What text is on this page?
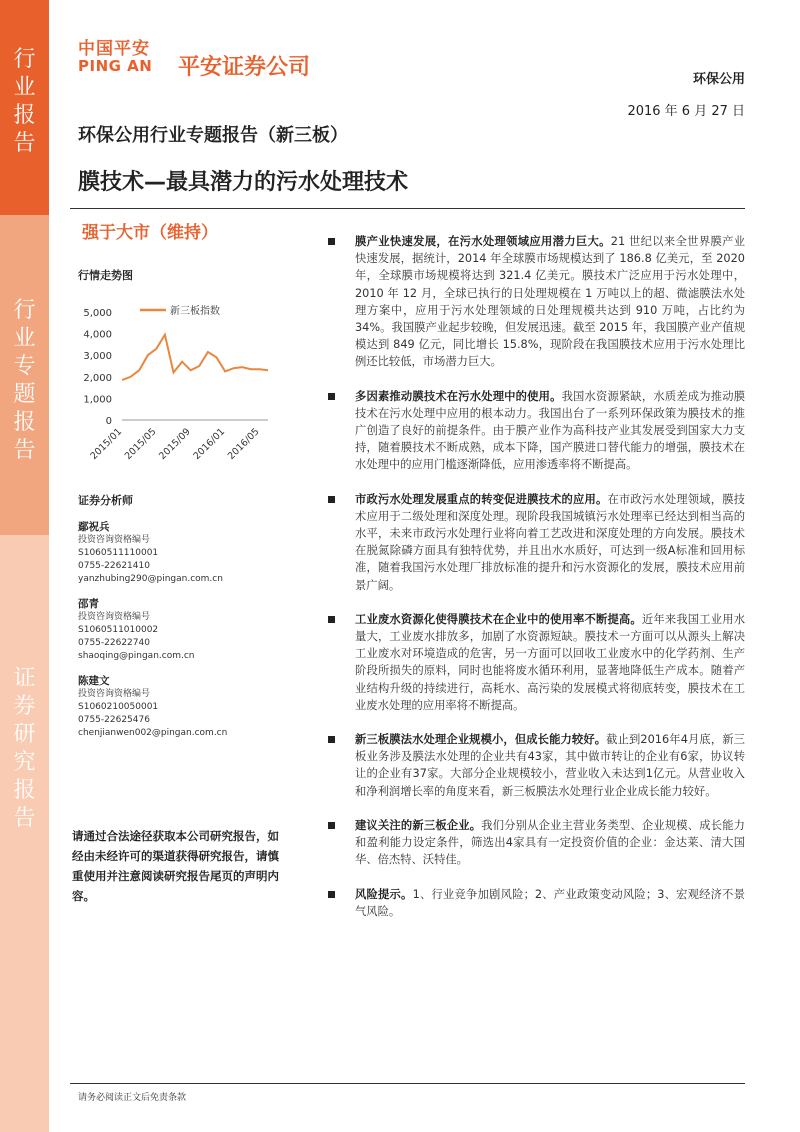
行业报告
行业专题报告
证券研究报告
中国平安
PING AN 平安证券公司	环保公用
2016 年 6 月 27 日
环保公用行业专题报告（新三板）
膜技术—最具潜力的污水处理技术
强于大市（维持）
行情走势图
0
1,000
2,000
3,000
4,000
5,000
2015/01
2015/05
2015/09
2016/01
2016/05
新三板指数
证券分析师
鄢祝兵
投资咨询资格编号
S1060511110001
0755-22621410
yanzhubing290@pingan.com.cn
邵青
投资咨询资格编号
S1060511010002
0755-22622740
shaoqing@pingan.com.cn
陈建文
投资咨询资格编号
S1060210050001
0755-22625476
chenjianwen002@pingan.com.cn
请通过合法途径获取本公司研究报告，如经由未经许可的渠道获得研究报告，请慎重使用并注意阅读研究报告尾页的声明内容。
膜产业快速发展，在污水处理领域应用潜力巨大。21 世纪以来全世界膜产业快速发展，据统计，2014 年全球膜市场规模达到了 186.8 亿美元，至 2020 年，全球膜市场规模将达到 321.4 亿美元。膜技术广泛应用于污水处理中，2010 年 12 月，全球已执行的日处理规模在 1 万吨以上的超、微滤膜法水处理方案中，应用于污水处理领域的日处理规模共达到 910 万吨，占比约为 34%。我国膜产业起步较晚，但发展迅速。截至 2015 年，我国膜产业产值规模达到 849 亿元，同比增长 15.8%，现阶段在我国膜技术应用于污水处理比例还比较低，市场潜力巨大。
多因素推动膜技术在污水处理中的使用。我国水资源紧缺，水质差成为推动膜技术在污水处理中应用的根本动力。我国出台了一系列环保政策为膜技术的推广创造了良好的前提条件。由于膜产业作为高科技产业其发展受到国家大力支持，随着膜技术不断成熟，成本下降，国产膜进口替代能力的增强，膜技术在水处理中的应用门槛逐渐降低，应用渗透率将不断提高。
市政污水处理发展重点的转变促进膜技术的应用。在市政污水处理领域，膜技术应用于二级处理和深度处理。现阶段我国城镇污水处理率已经达到相当高的水平，未来市政污水处理行业将向着工艺改进和深度处理的方向发展。膜技术在脱氮除磷方面具有独特优势，并且出水水质好，可达到一级A标准和回用标准，随着我国污水处理厂排放标准的提升和污水资源化的发展，膜技术应用前景广阔。
工业废水资源化使得膜技术在企业中的使用率不断提高。近年来我国工业用水量大，工业废水排放多，加剧了水资源短缺。膜技术一方面可以从源头上解决工业废水对环境造成的危害，另一方面可以回收工业废水中的化学药剂、生产阶段所损失的原料，同时也能将废水循环利用，显著地降低生产成本。随着产业结构升级的持续进行，高耗水、高污染的发展模式将彻底转变，膜技术在工业废水处理的应用率将不断提高。
新三板膜法水处理企业规模小，但成长能力较好。截止到2016年4月底，新三板业务涉及膜法水处理的企业共有43家，其中做市转让的企业有6家，协议转让的企业有37家。大部分企业规模较小，营业收入未达到1亿元。从营业收入和净利润增长率的角度来看，新三板膜法水处理行业企业成长能力较好。
建议关注的新三板企业。我们分别从企业主营业务类型、企业规模、成长能力和盈利能力设定条件，筛选出4家具有一定投资价值的企业：金达莱、清大国华、倍杰特、沃特佳。
风险提示。1、行业竞争加剧风险；2、产业政策变动风险；3、宏观经济不景气风险。
请务必阅读正文后免责条款
